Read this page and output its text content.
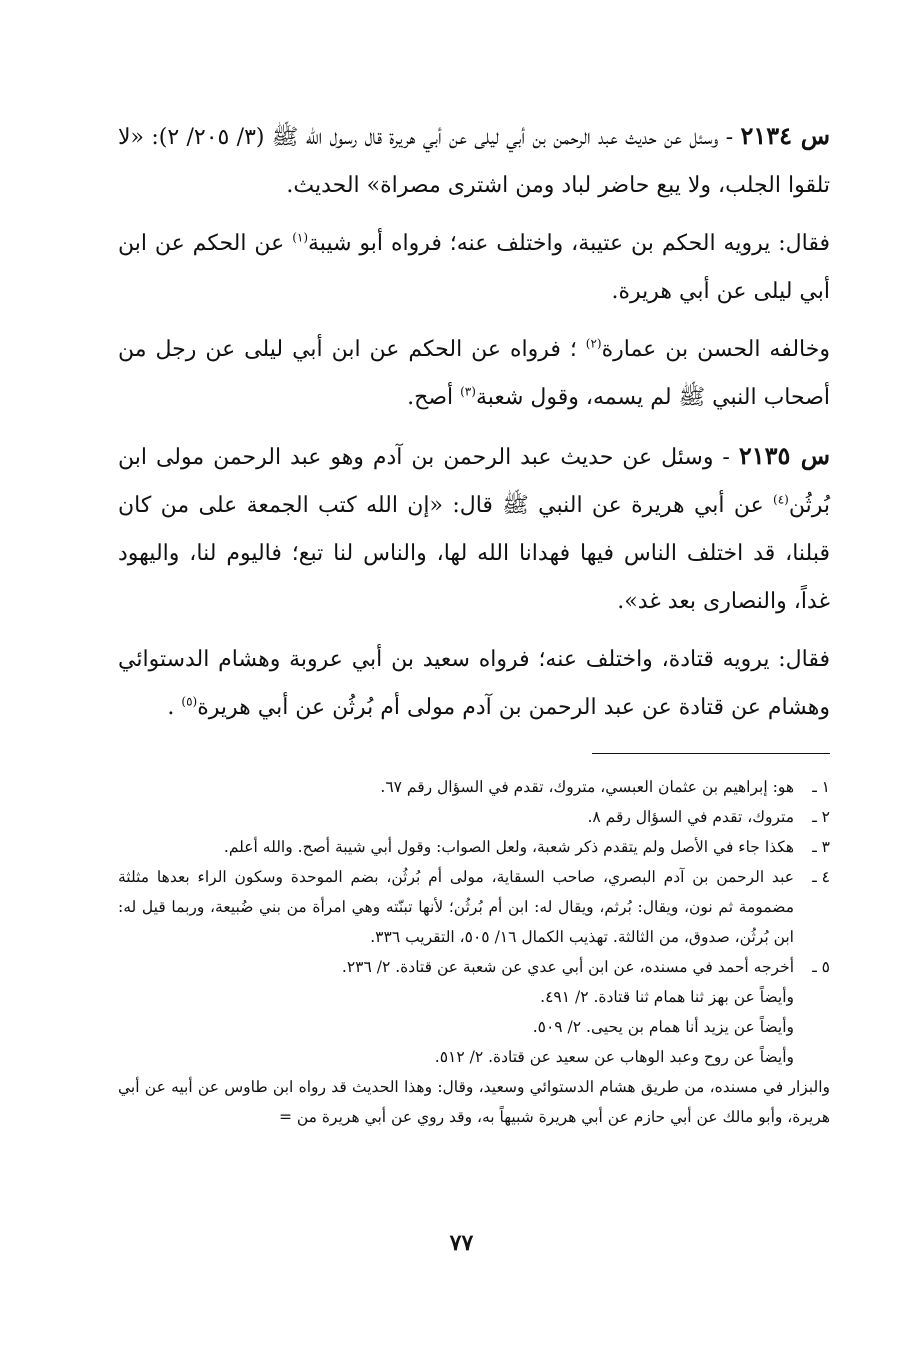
س ٢١٣٤ - وسئل عن حديث عبد الرحمن بن أبي ليلى عن أبي هريرة قال رسول الله ﷺ (٣/ ٢٠٥/ ٢): «لا تلقوا الجلب، ولا يبع حاضر لباد ومن اشترى مصراة» الحديث.

فقال: يرويه الحكم بن عتيبة، واختلف عنه؛ فرواه أبو شيبة$^{(١)}$ عن الحكم عن ابن أبي ليلى عن أبي هريرة.

وخالفه الحسن بن عمارة$^{(٢)}$ ؛ فرواه عن الحكم عن ابن أبي ليلى عن رجل من أصحاب النبي ﷺ لم يسمه، وقول شعبة$^{(٣)}$ أصح.

س ٢١٣٥ - وسئل عن حديث عبد الرحمن بن آدم وهو عبد الرحمن مولى ابن بُرثُن$^{(٤)}$ عن أبي هريرة عن النبي ﷺ قال: «إن الله كتب الجمعة على من كان قبلنا، قد اختلف الناس فيها فهدانا الله لها، والناس لنا تبع؛ فاليوم لنا، واليهود غداً، والنصارى بعد غد».

فقال: يرويه قتادة، واختلف عنه؛ فرواه سعيد بن أبي عروبة وهشام الدستوائي وهشام عن قتادة عن عبد الرحمن بن آدم مولى أم بُرثُن عن أبي هريرة$^{(٥)}$ .

١ ـ
هو: إبراهيم بن عثمان العبسي، متروك، تقدم في السؤال رقم ٦٧.
٢ ـ
متروك، تقدم في السؤال رقم ٨.
٣ ـ
هكذا جاء في الأصل ولم يتقدم ذكر شعبة، ولعل الصواب: وقول أبي شيبة أصح. والله أعلم.
٤ ـ
عبد الرحمن بن آدم البصري، صاحب السقاية، مولى أم بُرثُن، بضم الموحدة وسكون الراء بعدها مثلثة مضمومة ثم نون، ويقال: بُرثم، ويقال له: ابن أم بُرثُن؛ لأنها تبنّته وهي امرأة من بني ضُبيعة، وربما قيل له: ابن بُرثُن، صدوق، من الثالثة. تهذيب الكمال ١٦/ ٥٠٥، التقريب ٣٣٦.
٥ ـ
أخرجه أحمد في مسنده، عن ابن أبي عدي عن شعبة عن قتادة. ٢/ ٢٣٦.
وأيضاً عن بهز ثنا همام ثنا قتادة. ٢/ ٤٩١.
وأيضاً عن يزيد أنا همام بن يحيى. ٢/ ٥٠٩.
وأيضاً عن روح وعبد الوهاب عن سعيد عن قتادة. ٢/ ٥١٢.
والبزار في مسنده، من طريق هشام الدستوائي وسعيد، وقال: وهذا الحديث قد رواه ابن طاوس عن أبيه عن أبي هريرة، وأبو مالك عن أبي حازم عن أبي هريرة شبيهاً به، وقد روي عن أبي هريرة من =
٧٧
